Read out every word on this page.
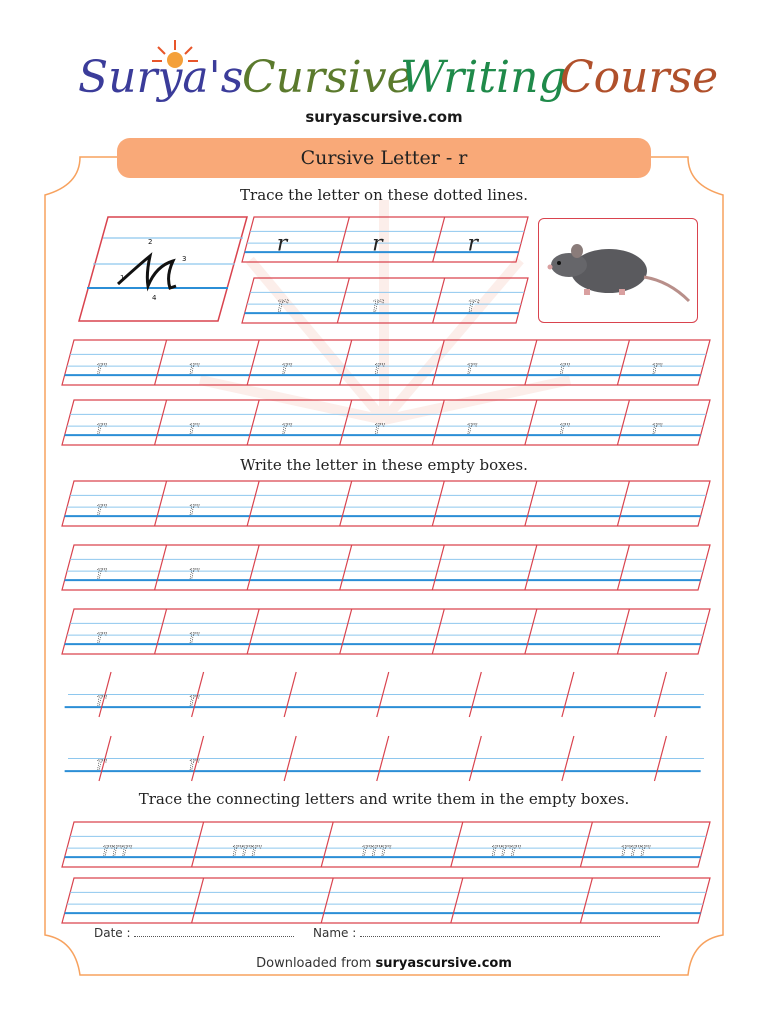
Surya's
Cursive
Writing
Course
suryascursive.com
Cursive Letter - r
Trace the letter on these dotted lines.
Write the letter in these empty boxes.
Trace the connecting letters and write them in the empty boxes.
r	r	r
r	r	r
r	r	r	r	r	r	r
r	r	r	r	r	r	r
r	r
r	r
r	r
r	r
r	r
rrr	rrr	rrr	rrr	rrr
1
2
3
4
Date :	Name :
Downloaded from suryascursive.com
